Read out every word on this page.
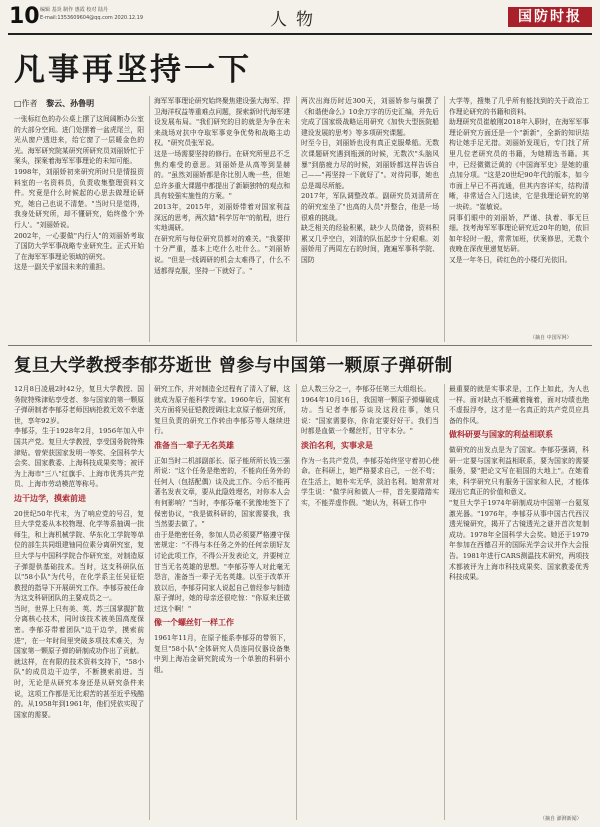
10 编辑 基炎 制作 惠霞 校对 陆丹
E-mail:1353609604@qq.com 2020.12.19	人物	国防时报
凡事再坚持一下
□作者 黎云、孙鲁明
一张标红色的办公桌上摆了这间阔断办公室的大部分空间。进门处摆着一盆虎尾兰，阳光从窗户透进来，给它窗了一层暖金色的光。海军研究院某研究所研究员刘丽娇忙于案头，探案着海军军事理论的未知可能。
1998年，刘丽娇初来研究所时只是情报资料室的一名资料员，负责收集整理资料文件。究竟是什么时候起的心思去做理论研究，她自己也说不清楚。"当时只是觉得，我身处研究所，却不懂研究，始终像个'外行人'。"刘丽娇说。
2002年，一心要做"内行人"的刘丽娇考取了国防大学军事战略专业研究生。正式开始了在海军军事理论领域的研究。
这是一副关乎家国未来的重担。
海军军事理论研究始终聚焦建设强大海军、捍卫海洋权益等重难点问题，探索新时代海军建设发展布局。"我们研究的目的就是为争在未来战场对抗中夺取军事竞争优势和战略主动权。"研究员张军说。
这是一场需要坚持的修行。在研究所里总不乏焦灼难受的意思。刘丽娇是从高等到显赫的。"虽然刘丽娇都是你比别人晚一些，但她总许多重大课题中都提出了新颖独特的观点和具有较强实施性的方案。"
2013年，2015年，刘丽娇带着对国家利益深远的思考，两次踏"科学厉年"的航程，进行实地调研。
在研究所与每位研究员都对的难关。"我要抑十分严重，基本上吃什么吐什么。"刘丽娇说。"但是一线调研的机会太难得了，什么不适都得克服，坚持一下就好了。"
两次出海历时近300天，刘丽娇参与编撰了《和谐使命么》10余万字的历史汇编，并先后完成了国家级战略运用研究《加快大型医院船建设发展的思考》等多项研究课题。
时至今日，刘丽娇也没有真正克服晕船。无数次课题研究遇到瓶颈的时候，无数次"头脑风暴"到筋疲力尽的时候，刘丽娇都这样告诉自己——"再坚持一下就好了"。对待同事，她也总是竭尽所能。
2017年，军队调整改革。副研究员刘清所在的研究室坐了"也高的人员"并整合，他是一场很难的挑战。
缺乏相关的经验积累，缺少人员储备，资料积累又几乎空白，刘清的队伍起步十分艰难。刘丽娇用了两周左右的时间，跑遍军事科学院、国防
大学等，搜集了几乎所有能找到的关于政治工作理论研究的书籍和资料。
助理研究员崔敏刚2018年入职时，在海军军事理论研究方面还是一个"新新"，全新的知识结构让她手足无措。刘丽娇发现后，专门找了所里几位老研究员的书籍，为她精选书籍。其中，已经微微泛黄的《中国海军史》是她的重点加分项。"这是20世纪90年代的版本，如今市面上早已不再流通，但其内容详实，结构清晰，非常适合入门选读，它是我理论研究的第一块砖。"崔敏说。
同事们眼中的刘丽娇，严谨、执着、事无巨细。找考海军军事理论研究近20年的她，依旧如年轻时一般，常常加班，伏案修思，无数个夜晚在深夜里递复钻研。
又是一年冬日，砖红色的小楼灯光依旧。
（摘自 中国军网）
复旦大学教授李郁芬逝世 曾参与中国第一颗原子弹研制
12月8日凌晨2时42分，复旦大学教授、国务院特殊津贴享受者、参与国家的第一颗原子弹研制者李郁芬老师因病抢救无效不幸逝世，享年92岁。
李郁芬，生于1928年2月，1956年加入中国共产党。复旦大学教授，享受国务院特殊津贴。曾荣获国家发明一等奖、全国科学大会奖、国家教委、上海科技成果奖等；被评为上海市"三八"红旗手、上海市优秀共产党员、上海市劳动模范等称号。
边干边学，摸索前进
20世纪50年代末，为了响应党的号召，复旦大学党委从本校物理、化学等系抽调一批师生，和上海机械学院、华东化工学院等单位的部生共同组建铀同位素分离研究室，复旦大学与中国科学院合作研究室，对制造原子弹提供基础技术。当时，这支科研队伍以"58小队"为代号，在化学系主任吴征铠教授的指导下开展研究工作。李郁芬被任命为这支科研团队的主要成员之一。
当时，世界上只有美、英、苏三国掌握扩散分离核心技术，同时该技术被美国高度保密。李郁芬带着团队"边干边学，摸索前进"，在一年时间里突破多项技术难关，为国家第一颗原子弹的研制成功作出了贡献。
就这样，在有限的技术资料支持下，"58小队"的成员边干边学，不断摸索前进。当时，无论是从研究本身还是从研究条件来说，这项工作都是无比艰苦的甚至近乎残酷的。从1958年到1961年，他们凭依实现了国家的需要。
研究工作，并对制造全过程有了清入了解，这就成为原子能科学专家。1960年后，国家有关方面将吴征铠教授调往北京原子能研究所，复旦负责的研究工作转由李郁芬等人继续进行。
准备当一辈子无名英雄
正如当时二机部副部长、原子能所所长钱三强所说："这个任务是绝密的，不能向任务外的任何人（包括配偶）谈及此工作。今后不能再著名发表文章，要从此隐姓埋名，对你本人会有何影响？"当时，李郁芬毫不犹豫地签下了保密协议，"我是做科研的，国家需要我，我当然要去做了。"
由于是绝密任务，参加人员必须要严格遵守保密规定："不得与本任务之外的任何亲朋好友讨论此项工作，不得公开发表论文，并要树立甘当无名英雄的思想。"李郁芬等人对此毫无怨言，准备当一辈子无名英雄。以至于改革开放以后，李郁芬同家人说起自己曾经参与制造原子弹时，她的母亲还很吃惊："你原来还做过这个啊！"
像一个螺丝钉一样工作
1961年11月，在原子能系李郁芬的带领下，复旦"58小队"全体研究人员连同仪器设备集中到上海冶金研究院成为一个单独的科研小组。
总人数三分之一，李郁芬任第三大组组长。
1964年10月16日，我国第一颗原子弹爆破成功。当记者李郁芬谈及这段往事，她只说："国家需要你，你肯定要好好干。我们当时都是血做一个螺丝钉，甘守本分。"
淡泊名利，实事求是
作为一名共产党员，李郁芬始终坚守着初心使命。在科研上，她严格要求自己，一丝不苟；在生活上，她朴实无华，淡泊名利。她常常对学生说："做学问和做人一样，首先要踏踏实实，不能弄虚作假。"她认为，科研工作中
最重要的就是实事求是，工作上如此，为人也一样。面对缺点不能藏着掩着，面对功绩也绝不虚报浮夸，这才是一名真正的共产党员应具备的作风。
做科研要与国家的利益相联系
做研究的出发点是为了国家。李郁芬强调，科研一定要与国家利益相联系，要为国家的需要服务，要"把论文写在祖国的大地上"。在她看来，科学研究只有服务于国家和人民，才能体现出它真正的价值和意义。
"复旦大学于1974年研制成功中国第一台氦氖激光器。"1976年，李郁芬从事中国古代西汉透光镜研究，揭开了古镜透光之谜并首次复制成功。1978年全国科学大会奖。她还于1979年参加在西德召开的国际光学会议并作大会报告。1981年进行CARS测温技术研究，两项技术都被评为上海市科技成果奖、国家教委优秀科技成果。
（摘自 澎湃新闻）
